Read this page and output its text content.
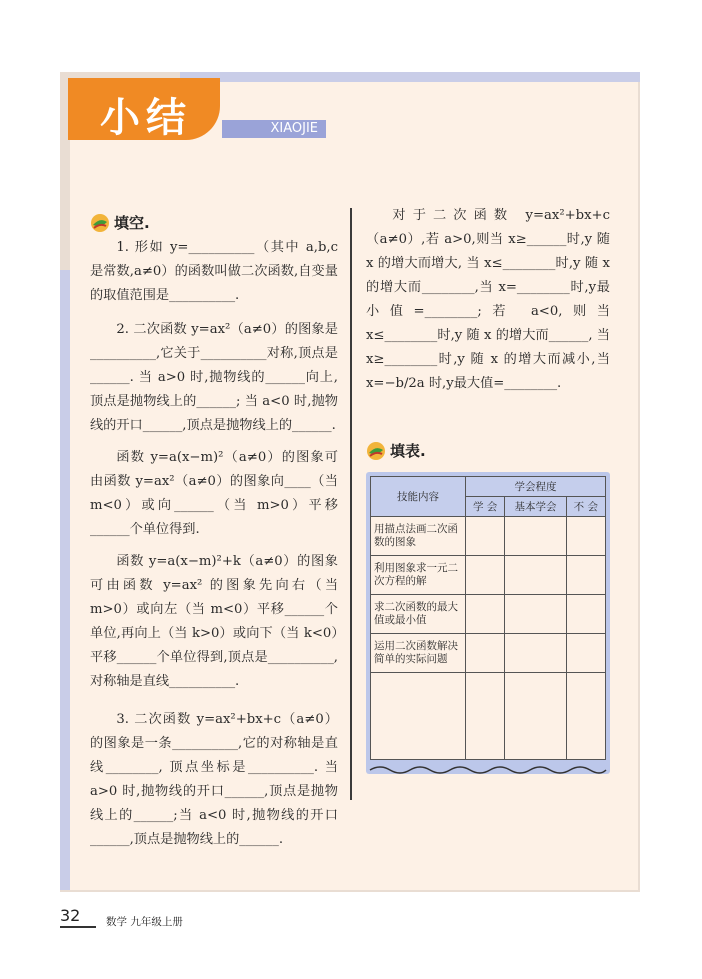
小结	XIAOJIE
填空.

1. 形如 y=__________（其中 a,b,c 是常数,a≠0）的函数叫做二次函数,自变量的取值范围是__________.

2. 二次函数 y=ax²（a≠0）的图象是__________,它关于__________对称,顶点是______. 当 a>0 时,抛物线的______向上,顶点是抛物线上的______; 当 a<0 时,抛物线的开口______,顶点是抛物线上的______.

函数 y=a(x−m)²（a≠0）的图象可由函数 y=ax²（a≠0）的图象向____（当 m<0）或向______（当 m>0）平移______个单位得到.

函数 y=a(x−m)²+k（a≠0）的图象可由函数 y=ax² 的图象先向右（当 m>0）或向左（当 m<0）平移______个单位,再向上（当 k>0）或向下（当 k<0）平移______个单位得到,顶点是__________,对称轴是直线__________.

3. 二次函数 y=ax²+bx+c（a≠0）的图象是一条__________,它的对称轴是直线________, 顶点坐标是__________. 当 a>0 时,抛物线的开口______,顶点是抛物线上的______;当 a<0 时,抛物线的开口______,顶点是抛物线上的______.

对于二次函数 y=ax²+bx+c（a≠0）,若 a>0,则当 x≥______时,y 随 x 的增大而增大, 当 x≤________时,y 随 x 的增大而________,当 x=________时,y最小值=________;若 a<0,则当 x≤________时,y 随 x 的增大而______, 当 x≥________时,y 随 x 的增大而减小,当 x=−b/2a 时,y最大值=________.

填表.
技能内容	学会程度		
	学 会	基本学会	不 会
用描点法画二次函数的图象			
利用图象求一元二次方程的解			
求二次函数的最大值或最小值			
运用二次函数解决简单的实际问题			

32 数学 九年级上册
